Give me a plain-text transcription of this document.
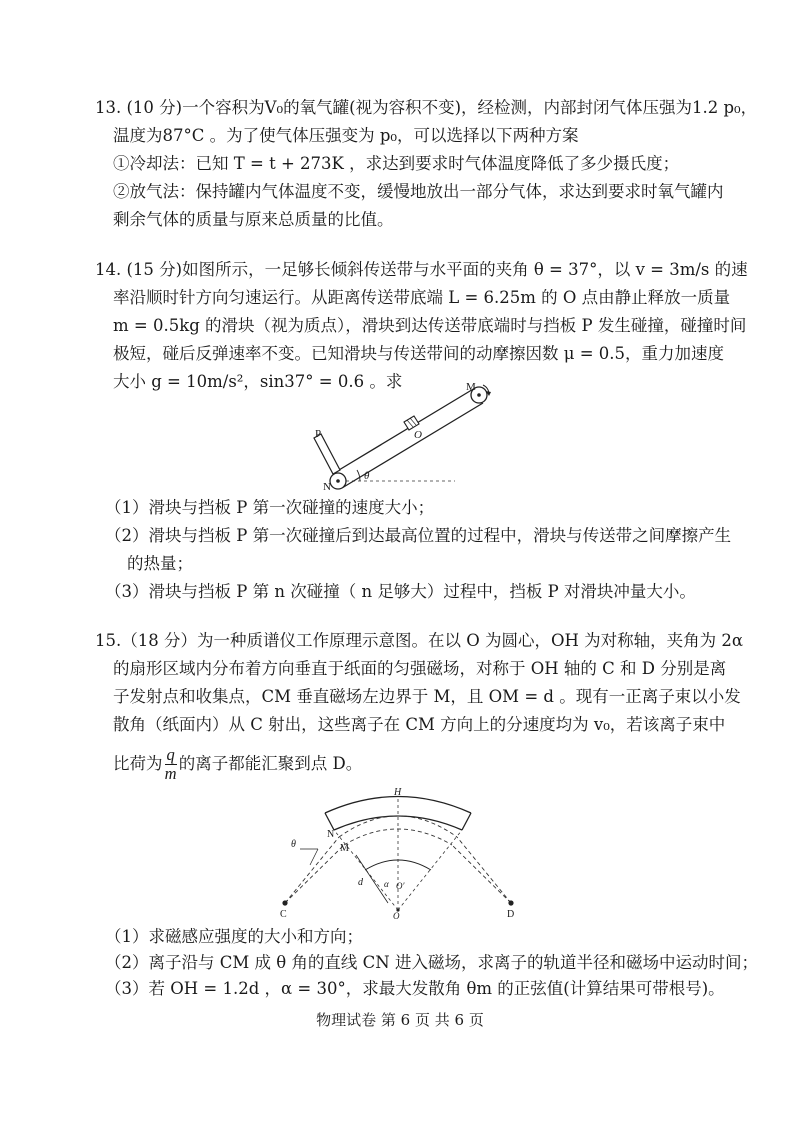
13. (10 分)一个容积为V₀的氧气罐(视为容积不变)，经检测，内部封闭气体压强为1.2 p₀，
温度为87°C 。为了使气体压强变为 p₀，可以选择以下两种方案
①冷却法：已知 T = t + 273K ，求达到要求时气体温度降低了多少摄氏度；
②放气法：保持罐内气体温度不变，缓慢地放出一部分气体，求达到要求时氧气罐内
剩余气体的质量与原来总质量的比值。
14. (15 分)如图所示，一足够长倾斜传送带与水平面的夹角 θ = 37°，以 v = 3m/s 的速
率沿顺时针方向匀速运行。从距离传送带底端 L = 6.25m 的 O 点由静止释放一质量
m = 0.5kg 的滑块（视为质点），滑块到达传送带底端时与挡板 P 发生碰撞，碰撞时间
极短，碰后反弹速率不变。已知滑块与传送带间的动摩擦因数 μ = 0.5，重力加速度
大小 g = 10m/s²，sin37° = 0.6 。求	M
O
P
N
θ
（1）滑块与挡板 P 第一次碰撞的速度大小；
（2）滑块与挡板 P 第一次碰撞后到达最高位置的过程中，滑块与传送带之间摩擦产生
的热量；
（3）滑块与挡板 P 第 n 次碰撞（ n 足够大）过程中，挡板 P 对滑块冲量大小。
15.（18 分）为一种质谱仪工作原理示意图。在以 O 为圆心，OH 为对称轴，夹角为 2α
的扇形区域内分布着方向垂直于纸面的匀强磁场，对称于 OH 轴的 C 和 D 分别是离
子发射点和收集点，CM 垂直磁场左边界于 M，且 OM = d 。现有一正离子束以小发
散角（纸面内）从 C 射出，这些离子在 CM 方向上的分速度均为 v₀，若该离子束中
比荷为 $\frac{q}{m}$ 的离子都能汇聚到点 D。
H
N
M
θ
d α O′
O
C	D
（1）求磁感应强度的大小和方向；
（2）离子沿与 CM 成 θ 角的直线 CN 进入磁场，求离子的轨道半径和磁场中运动时间；
（3）若 OH = 1.2d ，α = 30°，求最大发散角 θm 的正弦值(计算结果可带根号)。
物理试卷 第 6 页 共 6 页
